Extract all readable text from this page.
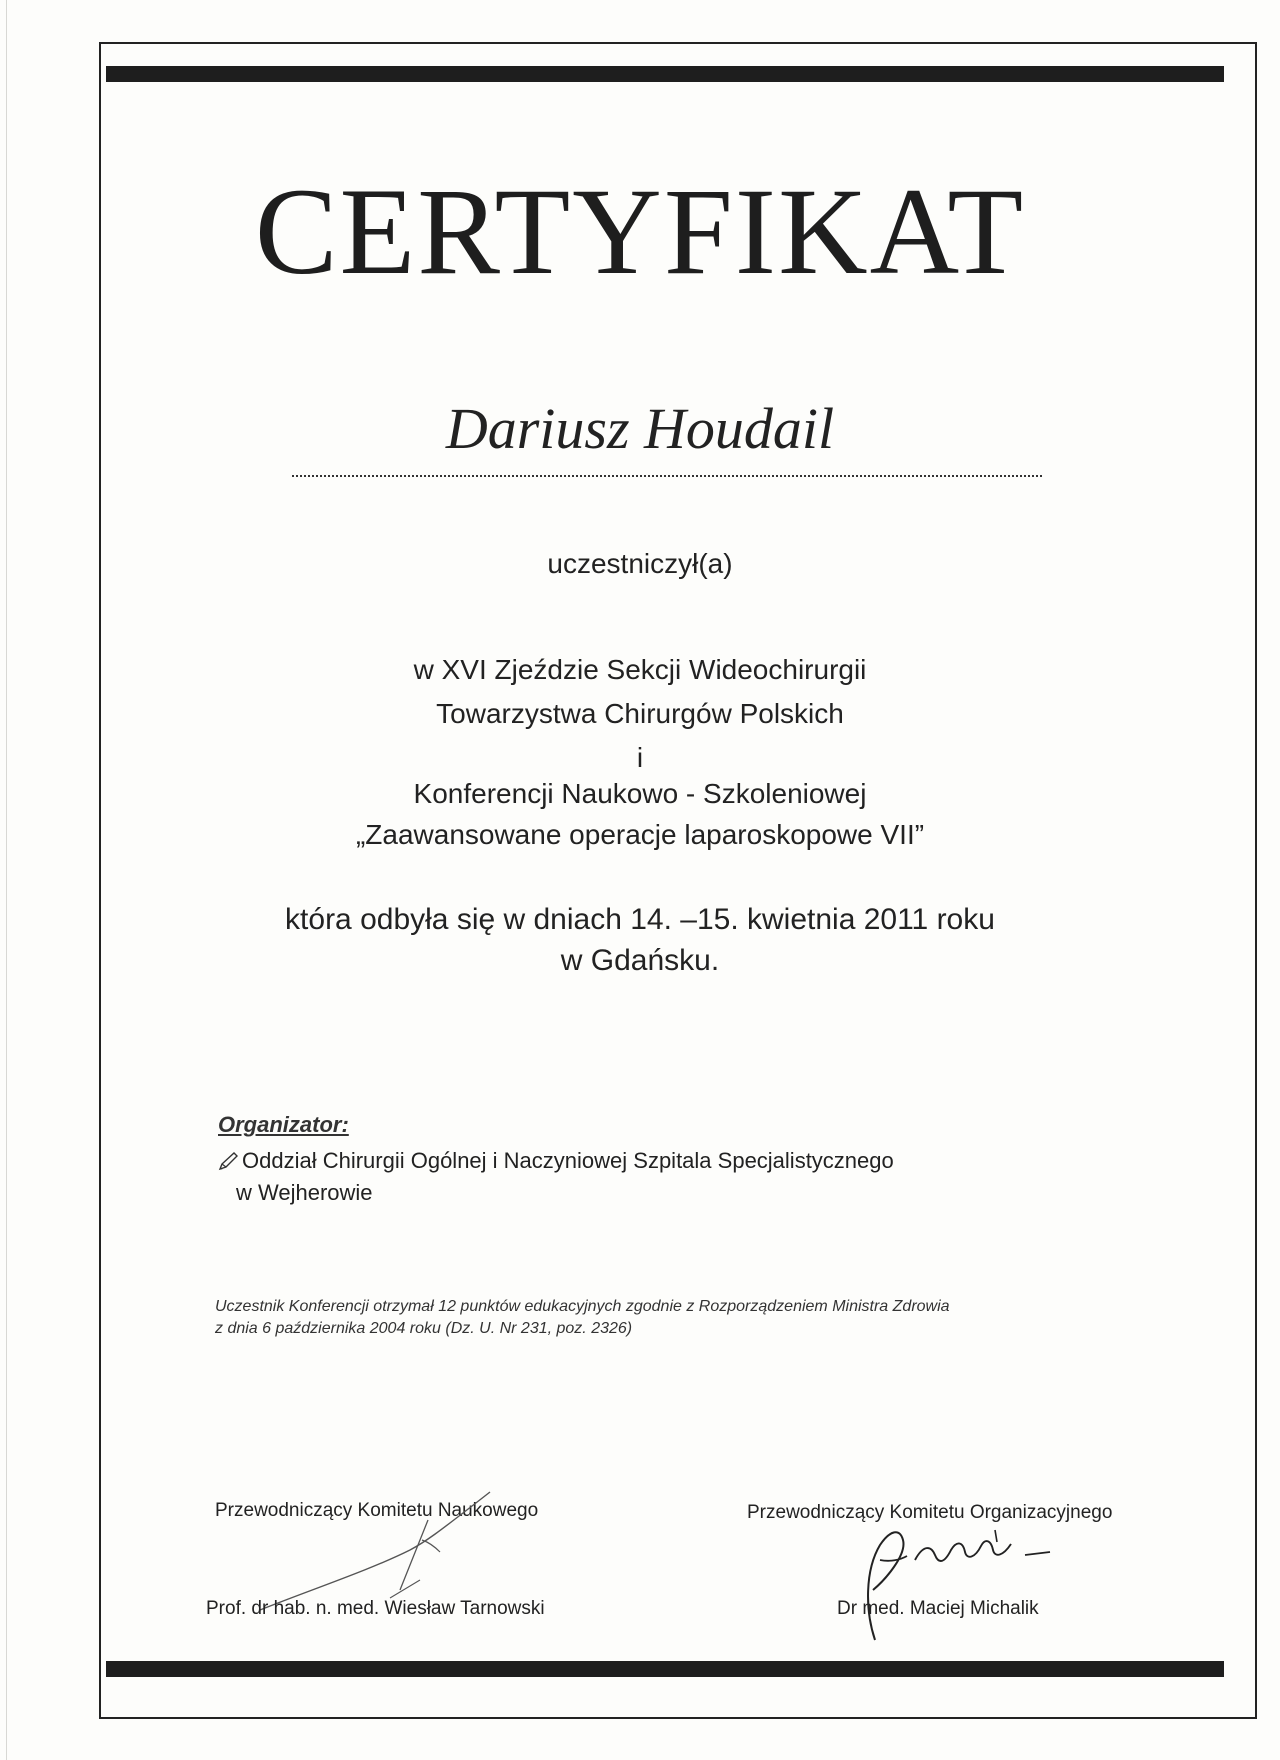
CERTYFIKAT
Dariusz Houdail
uczestniczył(a)
w XVI Zjeździe Sekcji Wideochirurgii
Towarzystwa Chirurgów Polskich
i
Konferencji Naukowo - Szkoleniowej
„Zaawansowane operacje laparoskopowe VII”
która odbyła się w dniach 14. –15. kwietnia 2011 roku
w Gdańsku.
Organizator:
Oddział Chirurgii Ogólnej i Naczyniowej Szpitala Specjalistycznego
w Wejherowie
Uczestnik Konferencji otrzymał 12 punktów edukacyjnych zgodnie z Rozporządzeniem Ministra Zdrowia
z dnia 6 października 2004 roku (Dz. U. Nr 231, poz. 2326)
Przewodniczący Komitetu Naukowego	Przewodniczący Komitetu Organizacyjnego
Prof. dr hab. n. med. Wiesław Tarnowski	Dr med. Maciej Michalik
